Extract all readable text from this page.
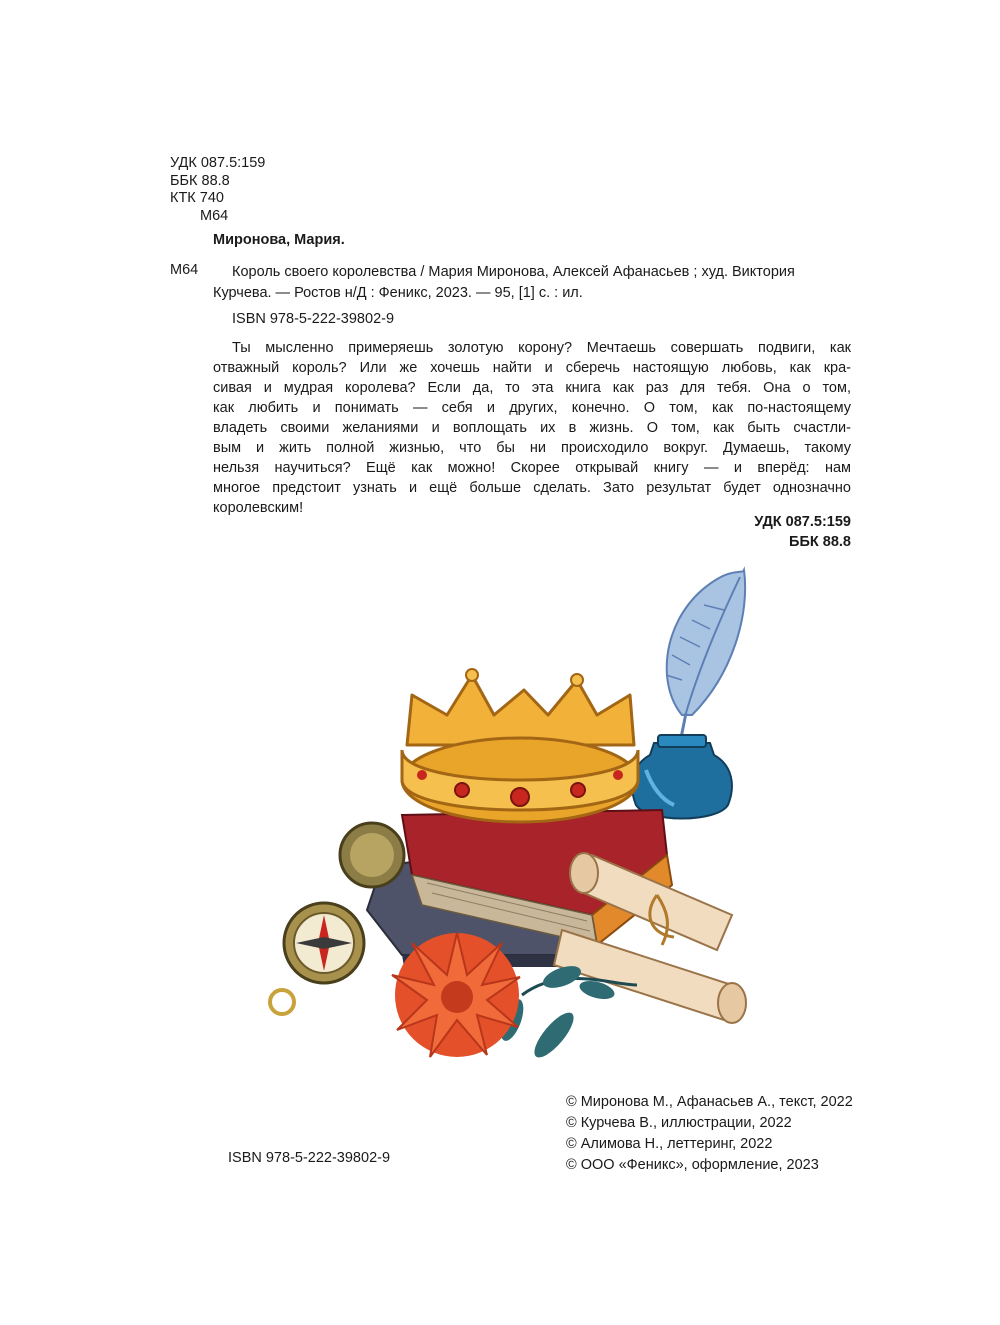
УДК 087.5:159
ББК 88.8
КТК 740
М64
Миронова, Мария.
М64	Король своего королевства / Мария Миронова, Алексей Афанасьев ; худ. Виктория
Курчева. — Ростов н/Д : Феникс, 2023. — 95, [1] с. : ил.
ISBN 978-5-222-39802-9
Ты мысленно примеряешь золотую корону? Мечтаешь совершать подвиги, как
отважный король? Или же хочешь найти и сберечь настоящую любовь, как кра-
сивая и мудрая королева? Если да, то эта книга как раз для тебя. Она о том,
как любить и понимать — себя и других, конечно. О том, как по-настоящему
владеть своими желаниями и воплощать их в жизнь. О том, как быть счастли-
вым и жить полной жизнью, что бы ни происходило вокруг. Думаешь, такому
нельзя научиться? Ещё как можно! Скорее открывай книгу — и вперёд: нам
многое предстоит узнать и ещё больше сделать. Зато результат будет однозначно
королевским!
УДК 087.5:159
ББК 88.8
© Миронова М., Афанасьев А., текст, 2022
© Курчева В., иллюстрации, 2022
© Алимова Н., леттеринг, 2022
© ООО «Феникс», оформление, 2023
ISBN 978-5-222-39802-9
